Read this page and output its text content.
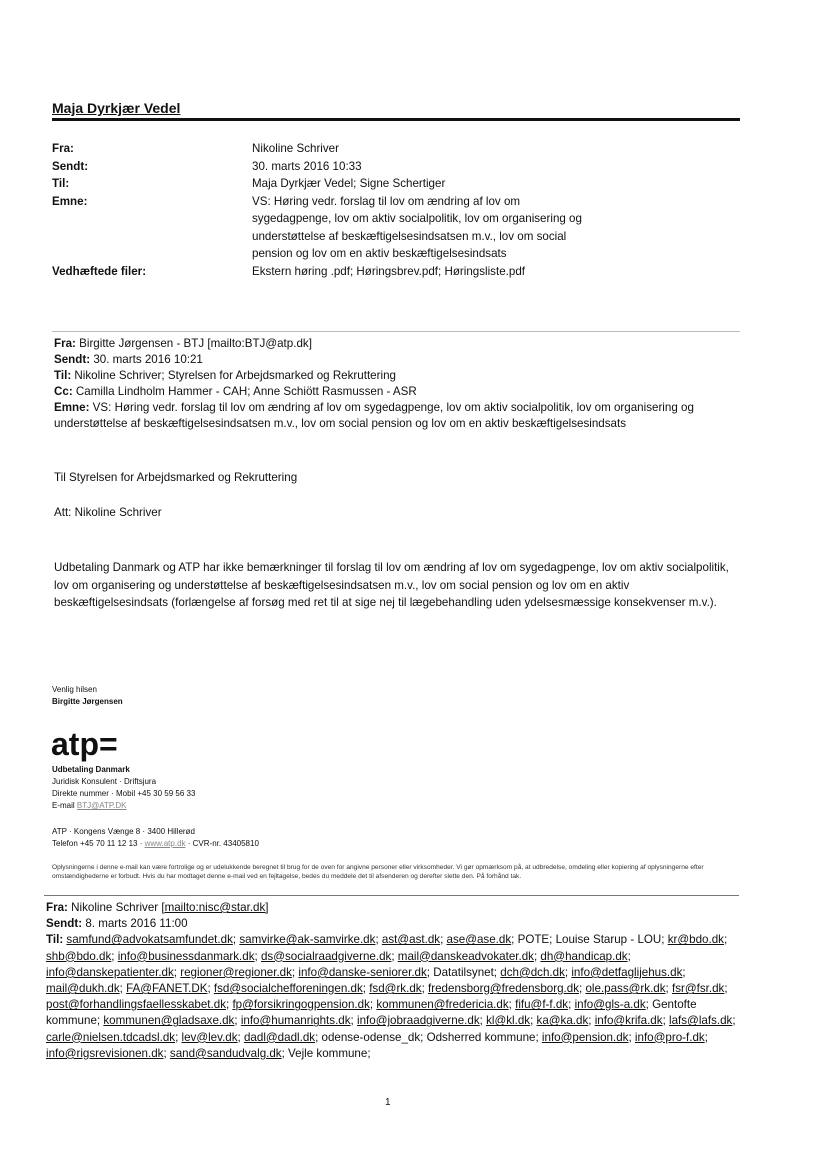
Maja Dyrkjær Vedel
Fra:	Nikoline Schriver
Sendt:	30. marts 2016 10:33
Til:	Maja Dyrkjær Vedel; Signe Schertiger
Emne:	VS: Høring vedr. forslag til lov om ændring af lov om sygedagpenge, lov om aktiv socialpolitik, lov om organisering og understøttelse af beskæftigelsesindsatsen m.v., lov om social pension og lov om en aktiv beskæftigelsesindsats
Vedhæftede filer:	Ekstern høring .pdf; Høringsbrev.pdf; Høringsliste.pdf
Fra: Birgitte Jørgensen - BTJ [mailto:BTJ@atp.dk]
Sendt: 30. marts 2016 10:21
Til: Nikoline Schriver; Styrelsen for Arbejdsmarked og Rekruttering
Cc: Camilla Lindholm Hammer - CAH; Anne Schiött Rasmussen - ASR
Emne: VS: Høring vedr. forslag til lov om ændring af lov om sygedagpenge, lov om aktiv socialpolitik, lov om organisering og understøttelse af beskæftigelsesindsatsen m.v., lov om social pension og lov om en aktiv beskæftigelsesindsats
Til Styrelsen for Arbejdsmarked og Rekruttering
Att: Nikoline Schriver
Udbetaling Danmark og ATP har ikke bemærkninger til forslag til lov om ændring af lov om sygedagpenge, lov om aktiv socialpolitik, lov om organisering og understøttelse af beskæftigelsesindsatsen m.v., lov om social pension og lov om en aktiv beskæftigelsesindsats (forlængelse af forsøg med ret til at sige nej til lægebehandling uden ydelsesmæssige konsekvenser m.v.).
Venlig hilsen
Birgitte Jørgensen
atp=
Udbetaling Danmark
Juridisk Konsulent · Driftsjura
Direkte nummer · Mobil +45 30 59 56 33
E-mail BTJ@ATP.DK
ATP · Kongens Vænge 8 · 3400 Hillerød
Telefon +45 70 11 12 13 · www.atp.dk · CVR-nr. 43405810
Oplysningerne i denne e-mail kan være fortrolige og er udelukkende beregnet til brug for de oven for angivne personer eller virksomheder. Vi gør opmærksom på, at udbredelse, omdeling eller kopiering af oplysningerne efter omstændighederne er forbudt. Hvis du har modtaget denne e-mail ved en fejltagelse, bedes du meddele det til afsenderen og derefter slette den. På forhånd tak.
Fra: Nikoline Schriver [mailto:nisc@star.dk]
Sendt: 8. marts 2016 11:00
Til: samfund@advokatsamfundet.dk; samvirke@ak-samvirke.dk; ast@ast.dk; ase@ase.dk; POTE; Louise Starup - LOU; kr@bdo.dk; shb@bdo.dk; info@businessdanmark.dk; ds@socialraadgiverne.dk; mail@danskeadvokater.dk; dh@handicap.dk; info@danskepatienter.dk; regioner@regioner.dk; info@danske-seniorer.dk; Datatilsynet; dch@dch.dk; info@detfaglijehus.dk; mail@dukh.dk; FA@FANET.DK; fsd@socialchefforeningen.dk; fsd@rk.dk; fredensborg@fredensborg.dk; ole.pass@rk.dk; fsr@fsr.dk; post@forhandlingsfaellesskabet.dk; fp@forsikringogpension.dk; kommunen@fredericia.dk; fifu@f-f.dk; info@gls-a.dk; Gentofte kommune; kommunen@gladsaxe.dk; info@humanrights.dk; info@jobraadgiverne.dk; kl@kl.dk; ka@ka.dk; info@krifa.dk; lafs@lafs.dk; carle@nielsen.tdcadsl.dk; lev@lev.dk; dadl@dadl.dk; odense-odense_dk; Odsherred kommune; info@pension.dk; info@pro-f.dk; info@rigsrevisionen.dk; sand@sandudvalg.dk; Vejle kommune;
1
